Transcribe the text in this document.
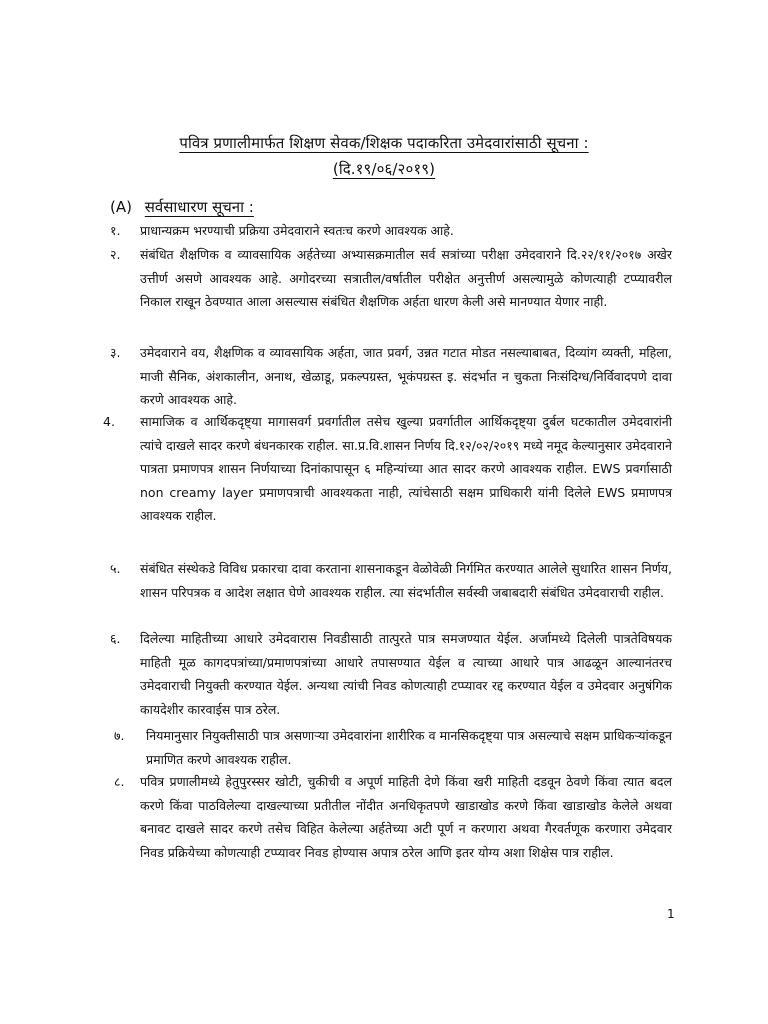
पवित्र प्रणालीमार्फत शिक्षण सेवक/शिक्षक पदाकरिता उमेदवारांसाठी सूचना :
(दि.१९/०६/२०१९)
(A) सर्वसाधारण सूचना :
१. प्राधान्यक्रम भरण्याची प्रक्रिया उमेदवाराने स्वतःच करणे आवश्यक आहे.
२. संबंधित शैक्षणिक व व्यावसायिक अर्हतेच्या अभ्यासक्रमातील सर्व सत्रांच्या परीक्षा उमेदवाराने दि.२२/११/२०१७ अखेर उत्तीर्ण असणे आवश्यक आहे. अगोदरच्या सत्रातील/वर्षातील परीक्षेत अनुत्तीर्ण असल्यामुळे कोणत्याही टप्प्यावरील निकाल राखून ठेवण्यात आला असल्यास संबंधित शैक्षणिक अर्हता धारण केली असे मानण्यात येणार नाही.
३. उमेदवाराने वय, शैक्षणिक व व्यावसायिक अर्हता, जात प्रवर्ग, उन्नत गटात मोडत नसल्याबाबत, दिव्यांग व्यक्ती, महिला, माजी सैनिक, अंशकालीन, अनाथ, खेळाडू, प्रकल्पग्रस्त, भूकंपग्रस्त इ. संदर्भात न चुकता निःसंदिग्ध/निर्विवादपणे दावा करणे आवश्यक आहे.
4. सामाजिक व आर्थिकदृष्ट्या मागासवर्ग प्रवर्गातील तसेच खुल्या प्रवर्गातील आर्थिकदृष्ट्या दुर्बल घटकातील उमेदवारांनी त्यांचे दाखले सादर करणे बंधनकारक राहील. सा.प्र.वि.शासन निर्णय दि.१२/०२/२०१९ मध्ये नमूद केल्यानुसार उमेदवाराने पात्रता प्रमाणपत्र शासन निर्णयाच्या दिनांकापासून ६ महिन्यांच्या आत सादर करणे आवश्यक राहील. EWS प्रवर्गासाठी non creamy layer प्रमाणपत्राची आवश्यकता नाही, त्यांचेसाठी सक्षम प्राधिकारी यांनी दिलेले EWS प्रमाणपत्र आवश्यक राहील.
५. संबंधित संस्थेकडे विविध प्रकारचा दावा करताना शासनाकडून वेळोवेळी निर्गमित करण्यात आलेले सुधारित शासन निर्णय, शासन परिपत्रक व आदेश लक्षात घेणे आवश्यक राहील. त्या संदर्भातील सर्वस्वी जबाबदारी संबंधित उमेदवाराची राहील.
६. दिलेल्या माहितीच्या आधारे उमेदवारास निवडीसाठी तात्पुरते पात्र समजण्यात येईल. अर्जामध्ये दिलेली पात्रतेविषयक माहिती मूळ कागदपत्रांच्या/प्रमाणपत्रांच्या आधारे तपासण्यात येईल व त्याच्या आधारे पात्र आढळून आल्यानंतरच उमेदवाराची नियुक्ती करण्यात येईल. अन्यथा त्यांची निवड कोणत्याही टप्प्यावर रद्द करण्यात येईल व उमेदवार अनुषंगिक कायदेशीर कारवाईस पात्र ठरेल.
७. नियमानुसार नियुक्तीसाठी पात्र असणाऱ्या उमेदवारांना शारीरिक व मानसिकदृष्ट्या पात्र असल्याचे सक्षम प्राधिकऱ्यांकडून प्रमाणित करणे आवश्यक राहील.
८. पवित्र प्रणालीमध्ये हेतुपुरस्सर खोटी, चुकीची व अपूर्ण माहिती देणे किंवा खरी माहिती दडवून ठेवणे किंवा त्यात बदल करणे किंवा पाठविलेल्या दाखल्याच्या प्रतीतील नोंदीत अनधिकृतपणे खाडाखोड करणे किंवा खाडाखोड केलेले अथवा बनावट दाखले सादर करणे तसेच विहित केलेल्या अर्हतेच्या अटी पूर्ण न करणारा अथवा गैरवर्तणूक करणारा उमेदवार निवड प्रक्रियेच्या कोणत्याही टप्प्यावर निवड होण्यास अपात्र ठरेल आणि इतर योग्य अशा शिक्षेस पात्र राहील.
1
